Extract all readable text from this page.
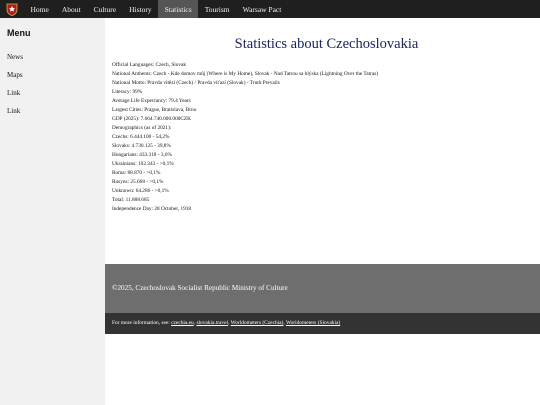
Home	About	Culture	History	Statistics	Tourism	Warsaw Pact
Menu
News
Maps
Link
Link
Statistics about Czechoslovakia
Official Languages: Czech, Slovak
National Anthems: Czech - Kde domov můj (Where is My Home), Slovak - Nad Tatrou sa blýska (Lightning Over the Tatras)
National Motto: Pravda vítězí (Czech) / Pravda víťazí (Slovak) - Truth Prevails
Literacy: 99%
Average Life Expectancy: 79.4 Years
Largest Cities: Prague, Bratislava, Brno
GDP (2025): 7.664.740.000.000CZK
Demographics (as of 2021):
Czechs: 6.444.100 - 54,2%
Slovaks: 4.730.125 - 39,8%
Hungarians: 433.318 - 3,6%
Ukrainians: 102.343 - >0,1%
Roma: 88.870 - >0,1%
Rusyns: 25.668 - >0,1%
Unknown: 64.286 - >0,1%
Total: 11.888.685
Independence Day: 28 October, 1918
©2025, Czechoslovak Socialist Republic Ministry of Culture
For more information, see: czechia.eu, slovakia.travel, Worldometers (Czechia), Worldometers (Slovakia)
